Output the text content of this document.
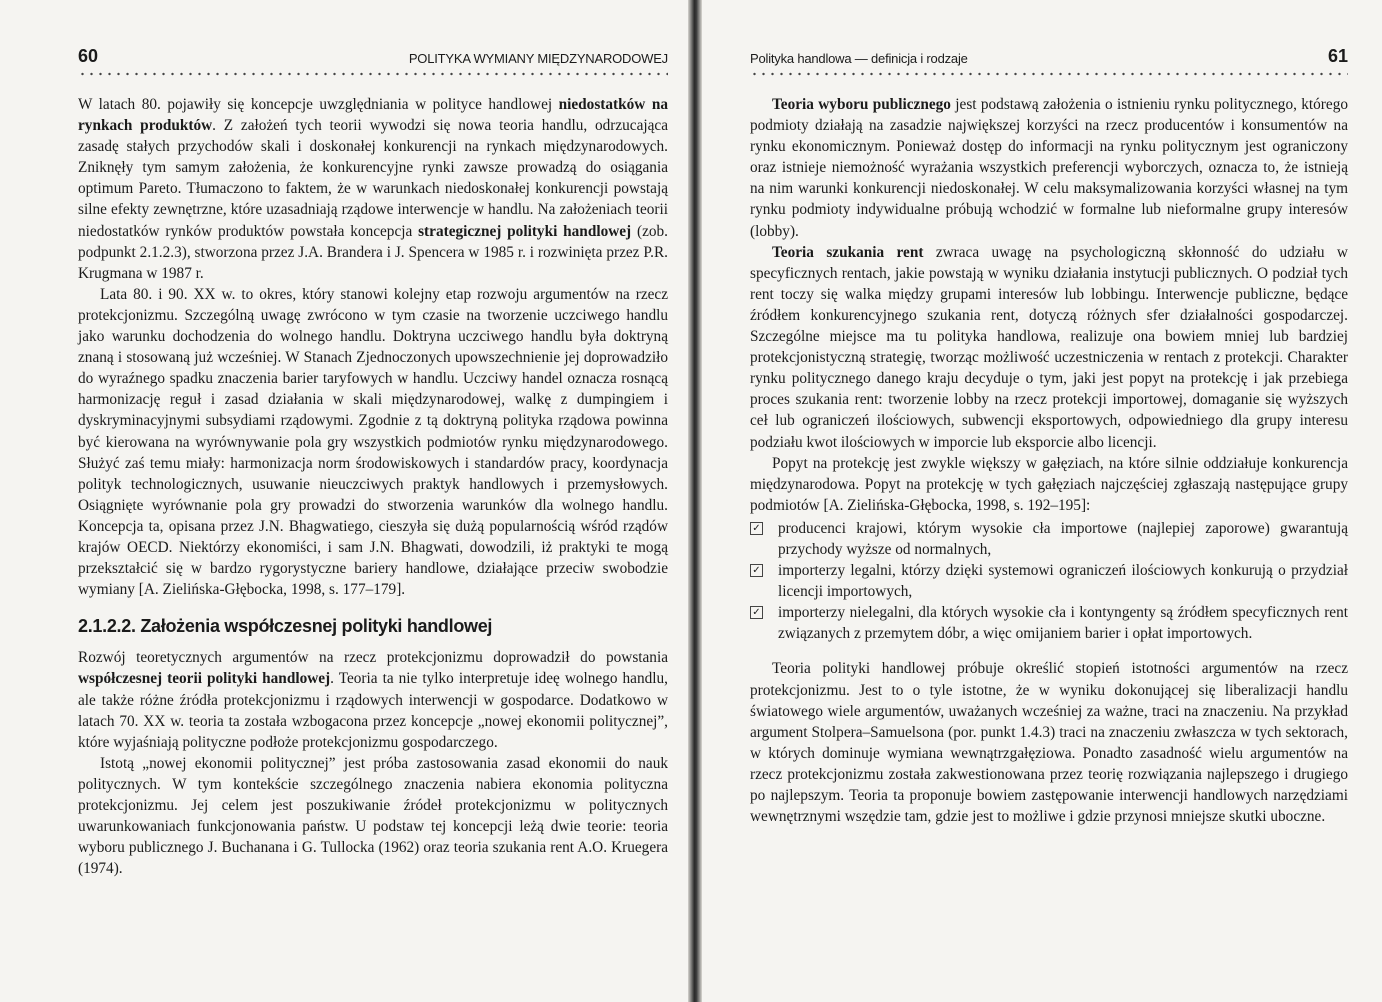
60	POLITYKA WYMIANY MIĘDZYNARODOWEJ

W latach 80. pojawiły się koncepcje uwzględniania w polityce handlowej niedostatków na rynkach produktów. Z założeń tych teorii wywodzi się nowa teoria handlu, odrzucająca zasadę stałych przychodów skali i doskonałej konkurencji na rynkach międzynarodowych. Zniknęły tym samym założenia, że konkurencyjne rynki zawsze prowadzą do osiągania optimum Pareto. Tłumaczono to faktem, że w warunkach niedoskonałej konkurencji powstają silne efekty zewnętrzne, które uzasadniają rządowe interwencje w handlu. Na założeniach teorii niedostatków rynków produktów powstała koncepcja strategicznej polityki handlowej (zob. podpunkt 2.1.2.3), stworzona przez J.A. Brandera i J. Spencera w 1985 r. i rozwinięta przez P.R. Krugmana w 1987 r.

Lata 80. i 90. XX w. to okres, który stanowi kolejny etap rozwoju argumentów na rzecz protekcjonizmu. Szczególną uwagę zwrócono w tym czasie na tworzenie uczciwego handlu jako warunku dochodzenia do wolnego handlu. Doktryna uczciwego handlu była doktryną znaną i stosowaną już wcześniej. W Stanach Zjednoczonych upowszechnienie jej doprowadziło do wyraźnego spadku znaczenia barier taryfowych w handlu. Uczciwy handel oznacza rosnącą harmonizację reguł i zasad działania w skali międzynarodowej, walkę z dumpingiem i dyskryminacyjnymi subsydiami rządowymi. Zgodnie z tą doktryną polityka rządowa powinna być kierowana na wyrównywanie pola gry wszystkich podmiotów rynku międzynarodowego. Służyć zaś temu miały: harmonizacja norm środowiskowych i standardów pracy, koordynacja polityk technologicznych, usuwanie nieuczciwych praktyk handlowych i przemysłowych. Osiągnięte wyrównanie pola gry prowadzi do stworzenia warunków dla wolnego handlu. Koncepcja ta, opisana przez J.N. Bhagwatiego, cieszyła się dużą popularnością wśród rządów krajów OECD. Niektórzy ekonomiści, i sam J.N. Bhagwati, dowodzili, iż praktyki te mogą przekształcić się w bardzo rygorystyczne bariery handlowe, działające przeciw swobodzie wymiany [A. Zielińska-Głębocka, 1998, s. 177–179].

2.1.2.2. Założenia współczesnej polityki handlowej

Rozwój teoretycznych argumentów na rzecz protekcjonizmu doprowadził do powstania współczesnej teorii polityki handlowej. Teoria ta nie tylko interpretuje ideę wolnego handlu, ale także różne źródła protekcjonizmu i rządowych interwencji w gospodarce. Dodatkowo w latach 70. XX w. teoria ta została wzbogacona przez koncepcje „nowej ekonomii politycznej”, które wyjaśniają polityczne podłoże protekcjonizmu gospodarczego.

Istotą „nowej ekonomii politycznej” jest próba zastosowania zasad ekonomii do nauk politycznych. W tym kontekście szczególnego znaczenia nabiera ekonomia polityczna protekcjonizmu. Jej celem jest poszukiwanie źródeł protekcjonizmu w politycznych uwarunkowaniach funkcjonowania państw. U podstaw tej koncepcji leżą dwie teorie: teoria wyboru publicznego J. Buchanana i G. Tullocka (1962) oraz teoria szukania rent A.O. Kruegera (1974).

Polityka handlowa — definicja i rodzaje	61

Teoria wyboru publicznego jest podstawą założenia o istnieniu rynku politycznego, którego podmioty działają na zasadzie największej korzyści na rzecz producentów i konsumentów na rynku ekonomicznym. Ponieważ dostęp do informacji na rynku politycznym jest ograniczony oraz istnieje niemożność wyrażania wszystkich preferencji wyborczych, oznacza to, że istnieją na nim warunki konkurencji niedoskonałej. W celu maksymalizowania korzyści własnej na tym rynku podmioty indywidualne próbują wchodzić w formalne lub nieformalne grupy interesów (lobby).

Teoria szukania rent zwraca uwagę na psychologiczną skłonność do udziału w specyficznych rentach, jakie powstają w wyniku działania instytucji publicznych. O podział tych rent toczy się walka między grupami interesów lub lobbingu. Interwencje publiczne, będące źródłem konkurencyjnego szukania rent, dotyczą różnych sfer działalności gospodarczej. Szczególne miejsce ma tu polityka handlowa, realizuje ona bowiem mniej lub bardziej protekcjonistyczną strategię, tworząc możliwość uczestniczenia w rentach z protekcji. Charakter rynku politycznego danego kraju decyduje o tym, jaki jest popyt na protekcję i jak przebiega proces szukania rent: tworzenie lobby na rzecz protekcji importowej, domaganie się wyższych ceł lub ograniczeń ilościowych, subwencji eksportowych, odpowiedniego dla grupy interesu podziału kwot ilościowych w imporcie lub eksporcie albo licencji.

Popyt na protekcję jest zwykle większy w gałęziach, na które silnie oddziałuje konkurencja międzynarodowa. Popyt na protekcję w tych gałęziach najczęściej zgłaszają następujące grupy podmiotów [A. Zielińska-Głębocka, 1998, s. 192–195]:

✓ producenci krajowi, którym wysokie cła importowe (najlepiej zaporowe) gwarantują przychody wyższe od normalnych,
✓ importerzy legalni, którzy dzięki systemowi ograniczeń ilościowych konkurują o przydział licencji importowych,
✓ importerzy nielegalni, dla których wysokie cła i kontyngenty są źródłem specyficznych rent związanych z przemytem dóbr, a więc omijaniem barier i opłat importowych.

Teoria polityki handlowej próbuje określić stopień istotności argumentów na rzecz protekcjonizmu. Jest to o tyle istotne, że w wyniku dokonującej się liberalizacji handlu światowego wiele argumentów, uważanych wcześniej za ważne, traci na znaczeniu. Na przykład argument Stolpera–Samuelsona (por. punkt 1.4.3) traci na znaczeniu zwłaszcza w tych sektorach, w których dominuje wymiana wewnątrzgałęziowa. Ponadto zasadność wielu argumentów na rzecz protekcjonizmu została zakwestionowana przez teorię rozwiązania najlepszego i drugiego po najlepszym. Teoria ta proponuje bowiem zastępowanie interwencji handlowych narzędziami wewnętrznymi wszędzie tam, gdzie jest to możliwe i gdzie przynosi mniejsze skutki uboczne.
